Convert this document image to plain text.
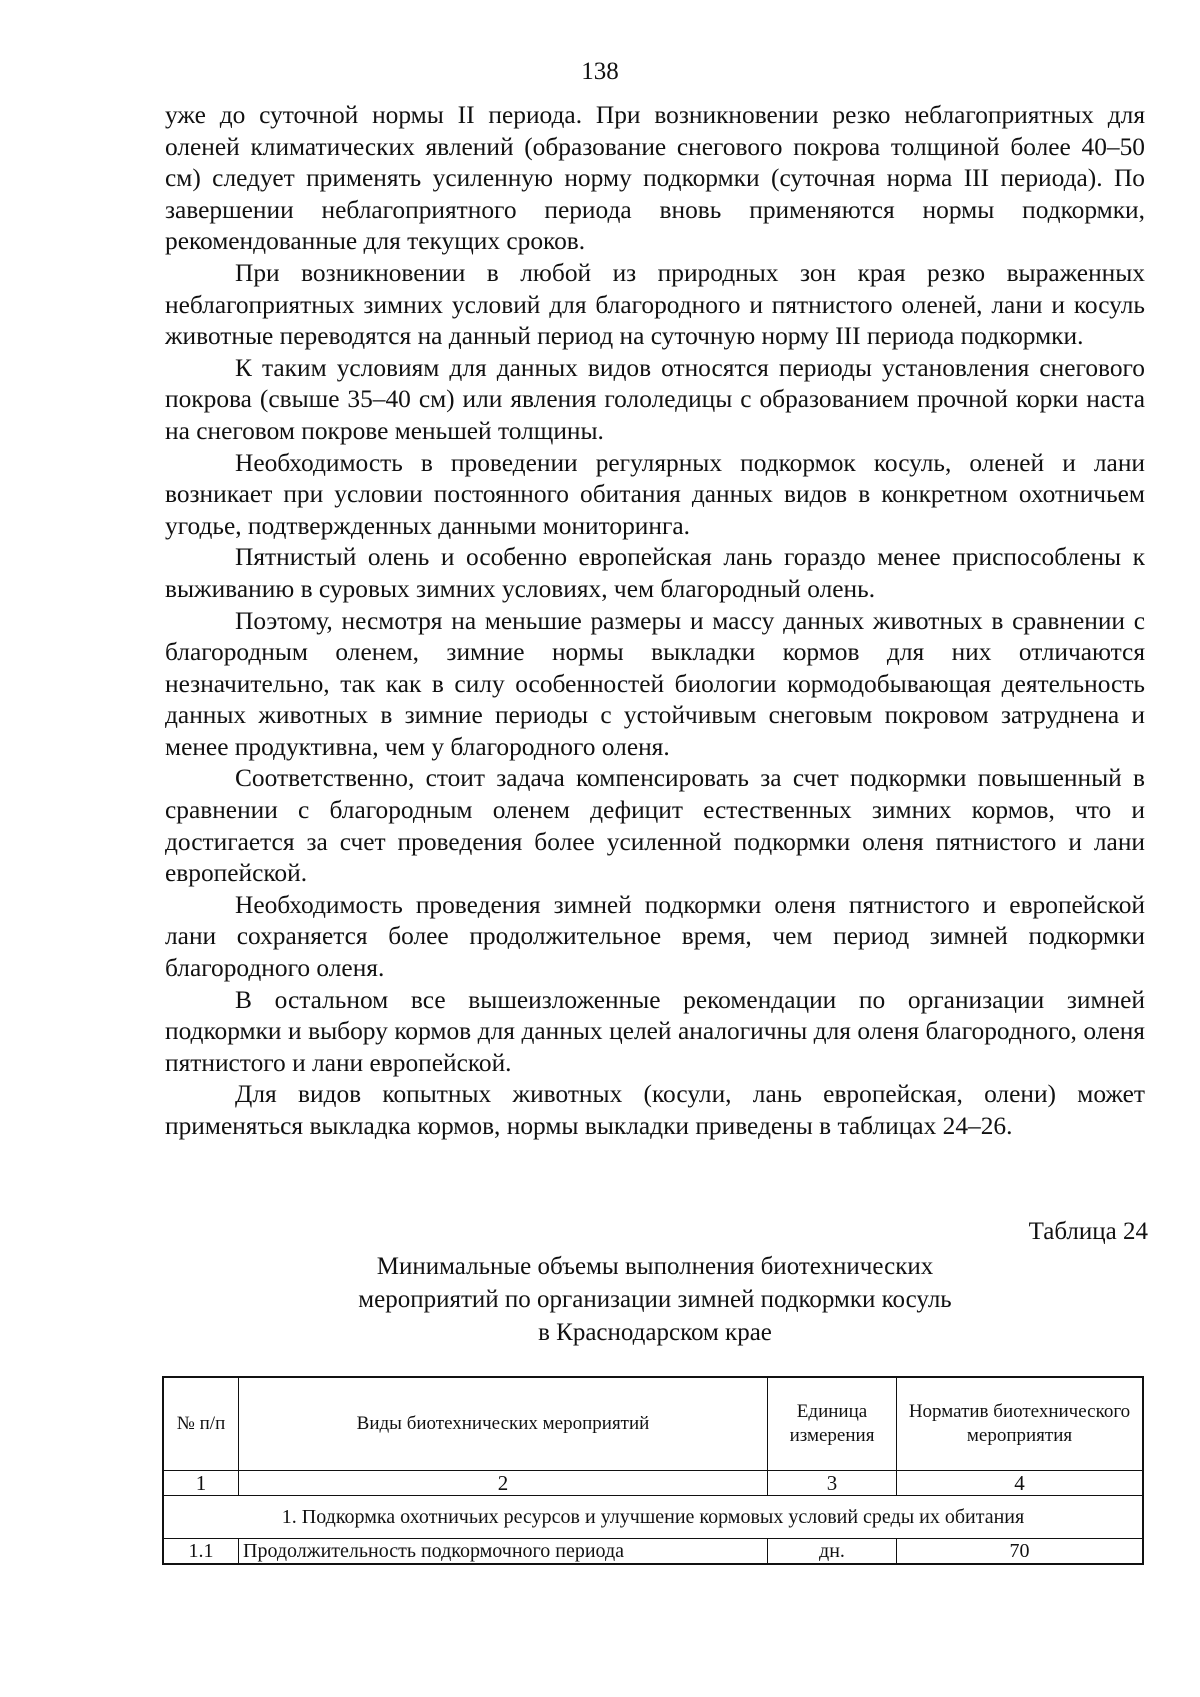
138

уже до суточной нормы II периода. При возникновении резко неблагоприятных для оленей климатических явлений (образование снегового покрова толщиной более 40–50 см) следует применять усиленную норму подкормки (суточная норма III периода). По завершении неблагоприятного периода вновь применяются нормы подкормки, рекомендованные для текущих сроков.

При возникновении в любой из природных зон края резко выраженных неблагоприятных зимних условий для благородного и пятнистого оленей, лани и косуль животные переводятся на данный период на суточную норму III периода подкормки.

К таким условиям для данных видов относятся периоды установления снегового покрова (свыше 35–40 см) или явления гололедицы с образованием прочной корки наста на снеговом покрове меньшей толщины.

Необходимость в проведении регулярных подкормок косуль, оленей и лани возникает при условии постоянного обитания данных видов в конкретном охотничьем угодье, подтвержденных данными мониторинга.

Пятнистый олень и особенно европейская лань гораздо менее приспособлены к выживанию в суровых зимних условиях, чем благородный олень.

Поэтому, несмотря на меньшие размеры и массу данных животных в сравнении с благородным оленем, зимние нормы выкладки кормов для них отличаются незначительно, так как в силу особенностей биологии кормодобывающая деятельность данных животных в зимние периоды с устойчивым снеговым покровом затруднена и менее продуктивна, чем у благородного оленя.

Соответственно, стоит задача компенсировать за счет подкормки повышенный в сравнении с благородным оленем дефицит естественных зимних кормов, что и достигается за счет проведения более усиленной подкормки оленя пятнистого и лани европейской.

Необходимость проведения зимней подкормки оленя пятнистого и европейской лани сохраняется более продолжительное время, чем период зимней подкормки благородного оленя.

В остальном все вышеизложенные рекомендации по организации зимней подкормки и выбору кормов для данных целей аналогичны для оленя благородного, оленя пятнистого и лани европейской.

Для видов копытных животных (косули, лань европейская, олени) может применяться выкладка кормов, нормы выкладки приведены в таблицах 24–26.

Таблица 24
Минимальные объемы выполнения биотехнических
мероприятий по организации зимней подкормки косуль
в Краснодарском крае
№ п/п	Виды биотехнических мероприятий	Единица измерения	Норматив биотехнического мероприятия
1	2	3	4
1. Подкормка охотничьих ресурсов и улучшение кормовых условий среды их обитания			
1.1	Продолжительность подкормочного периода	дн.	70
